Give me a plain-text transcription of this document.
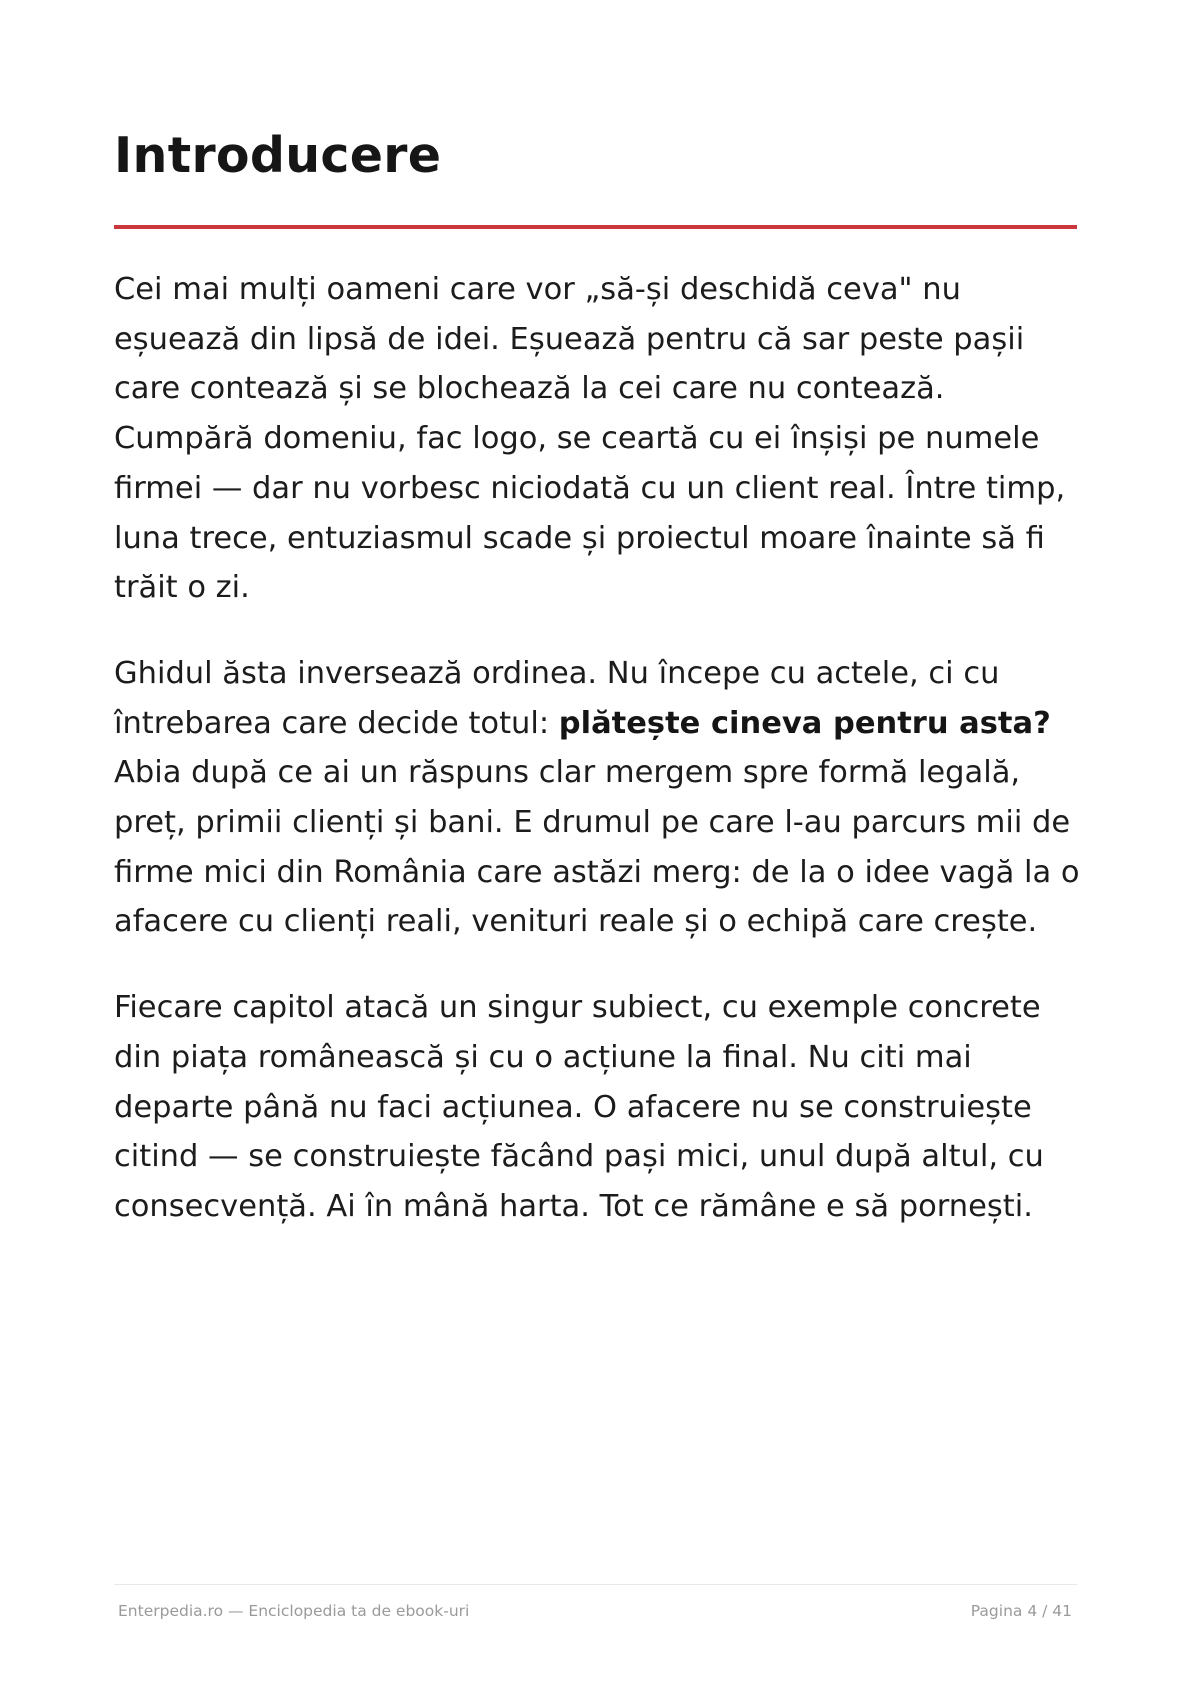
Introducere

Cei mai mulți oameni care vor „să-și deschidă ceva" nu eșuează din lipsă de idei. Eșuează pentru că sar peste pașii care contează și se blochează la cei care nu contează. Cumpără domeniu, fac logo, se ceartă cu ei înșiși pe numele firmei — dar nu vorbesc niciodată cu un client real. Între timp, luna trece, entuziasmul scade și proiectul moare înainte să fi trăit o zi.

Ghidul ăsta inversează ordinea. Nu începe cu actele, ci cu întrebarea care decide totul: plătește cineva pentru asta? Abia după ce ai un răspuns clar mergem spre formă legală, preț, primii clienți și bani. E drumul pe care l-au parcurs mii de firme mici din România care astăzi merg: de la o idee vagă la o afacere cu clienți reali, venituri reale și o echipă care crește.

Fiecare capitol atacă un singur subiect, cu exemple concrete din piața românească și cu o acțiune la final. Nu citi mai departe până nu faci acțiunea. O afacere nu se construiește citind — se construiește făcând pași mici, unul după altul, cu consecvență. Ai în mână harta. Tot ce rămâne e să pornești.

Enterpedia.ro — Enciclopedia ta de ebook-uri	Pagina 4 / 41
